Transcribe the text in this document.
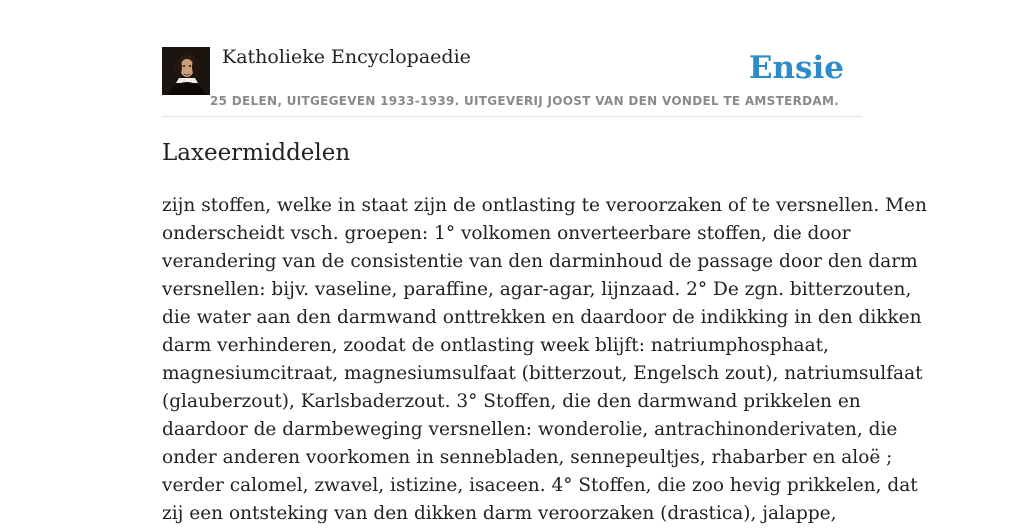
Katholieke Encyclopaedie
25 DELEN, UITGEGEVEN 1933-1939. UITGEVERIJ JOOST VAN DEN VONDEL TE AMSTERDAM.
Ensie
Laxeermiddelen
zijn stoffen, welke in staat zijn de ontlasting te veroorzaken of te versnellen. Men
onderscheidt vsch. groepen: 1° volkomen onverteerbare stoffen, die door
verandering van de consistentie van den darminhoud de passage door den darm
versnellen: bijv. vaseline, paraffine, agar-agar, lijnzaad. 2° De zgn. bitterzouten,
die water aan den darmwand onttrekken en daardoor de indikking in den dikken
darm verhinderen, zoodat de ontlasting week blijft: natriumphosphaat,
magnesiumcitraat, magnesiumsulfaat (bitterzout, Engelsch zout), natriumsulfaat
(glauberzout), Karlsbaderzout. 3° Stoffen, die den darmwand prikkelen en
daardoor de darmbeweging versnellen: wonderolie, antrachinonderivaten, die
onder anderen voorkomen in sennebladen, sennepeultjes, rhabarber en aloë ;
verder calomel, zwavel, istizine, isaceen. 4° Stoffen, die zoo hevig prikkelen, dat
zij een ontsteking van den dikken darm veroorzaken (drastica), jalappe,
